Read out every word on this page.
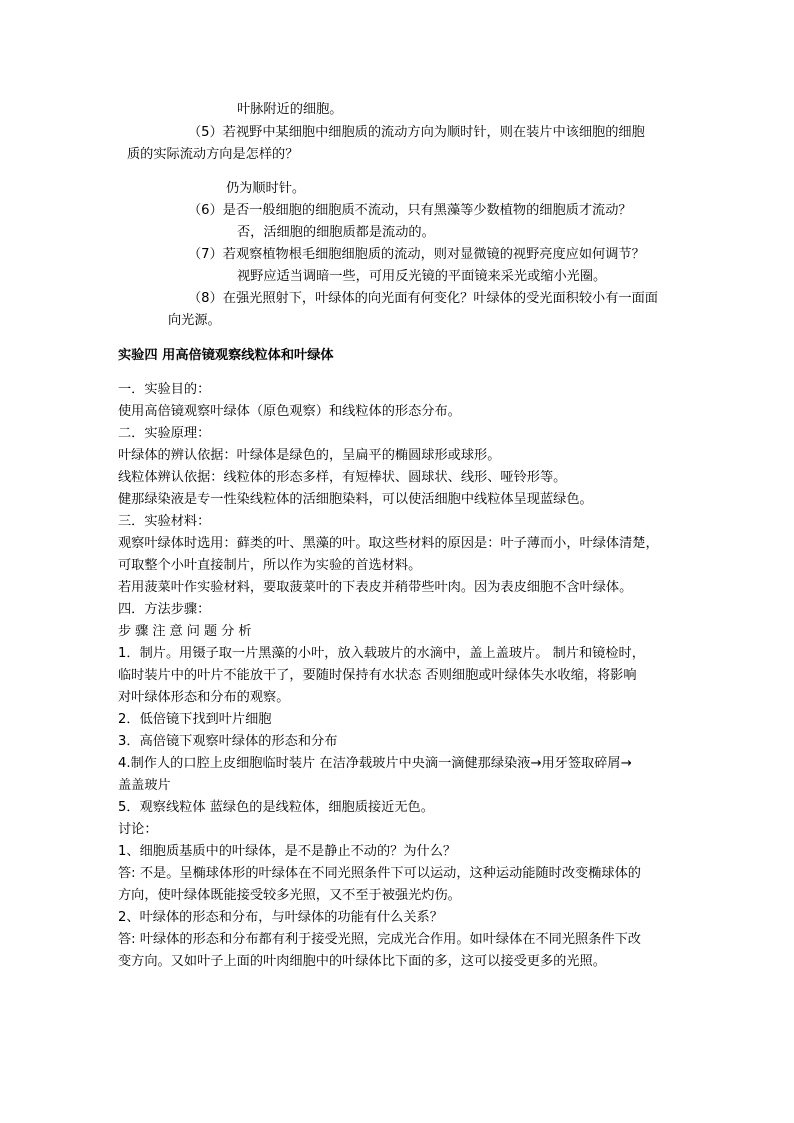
叶脉附近的细胞。
（5）若视野中某细胞中细胞质的流动方向为顺时针，则在装片中该细胞的细胞
质的实际流动方向是怎样的？
仍为顺时针。
（6）是否一般细胞的细胞质不流动，只有黑藻等少数植物的细胞质才流动？
否，活细胞的细胞质都是流动的。
（7）若观察植物根毛细胞细胞质的流动，则对显微镜的视野亮度应如何调节？
视野应适当调暗一些，可用反光镜的平面镜来采光或缩小光圈。
（8）在强光照射下，叶绿体的向光面有何变化？叶绿体的受光面积较小有一面面
向光源。
实验四 用高倍镜观察线粒体和叶绿体
一．实验目的：
使用高倍镜观察叶绿体（原色观察）和线粒体的形态分布。
二．实验原理：
叶绿体的辨认依据：叶绿体是绿色的，呈扁平的椭圆球形或球形。
线粒体辨认依据：线粒体的形态多样，有短棒状、圆球状、线形、哑铃形等。
健那绿染液是专一性染线粒体的活细胞染料，可以使活细胞中线粒体呈现蓝绿色。
三．实验材料：
观察叶绿体时选用：藓类的叶、黑藻的叶。取这些材料的原因是：叶子薄而小，叶绿体清楚，
可取整个小叶直接制片，所以作为实验的首选材料。
若用菠菜叶作实验材料，要取菠菜叶的下表皮并稍带些叶肉。因为表皮细胞不含叶绿体。
四．方法步骤：
步骤注意问题分析
1．制片。用镊子取一片黑藻的小叶，放入载玻片的水滴中，盖上盖玻片。 制片和镜检时，
临时装片中的叶片不能放干了，要随时保持有水状态 否则细胞或叶绿体失水收缩，将影响
对叶绿体形态和分布的观察。
2．低倍镜下找到叶片细胞
3．高倍镜下观察叶绿体的形态和分布
4.制作人的口腔上皮细胞临时装片 在洁净载玻片中央滴一滴健那绿染液→用牙签取碎屑→
盖盖玻片
5．观察线粒体 蓝绿色的是线粒体，细胞质接近无色。
讨论：
1、细胞质基质中的叶绿体，是不是静止不动的？为什么？
答: 不是。呈椭球体形的叶绿体在不同光照条件下可以运动，这种运动能随时改变椭球体的
方向，使叶绿体既能接受较多光照，又不至于被强光灼伤。
2、叶绿体的形态和分布，与叶绿体的功能有什么关系？
答: 叶绿体的形态和分布都有利于接受光照，完成光合作用。如叶绿体在不同光照条件下改
变方向。又如叶子上面的叶肉细胞中的叶绿体比下面的多，这可以接受更多的光照。
